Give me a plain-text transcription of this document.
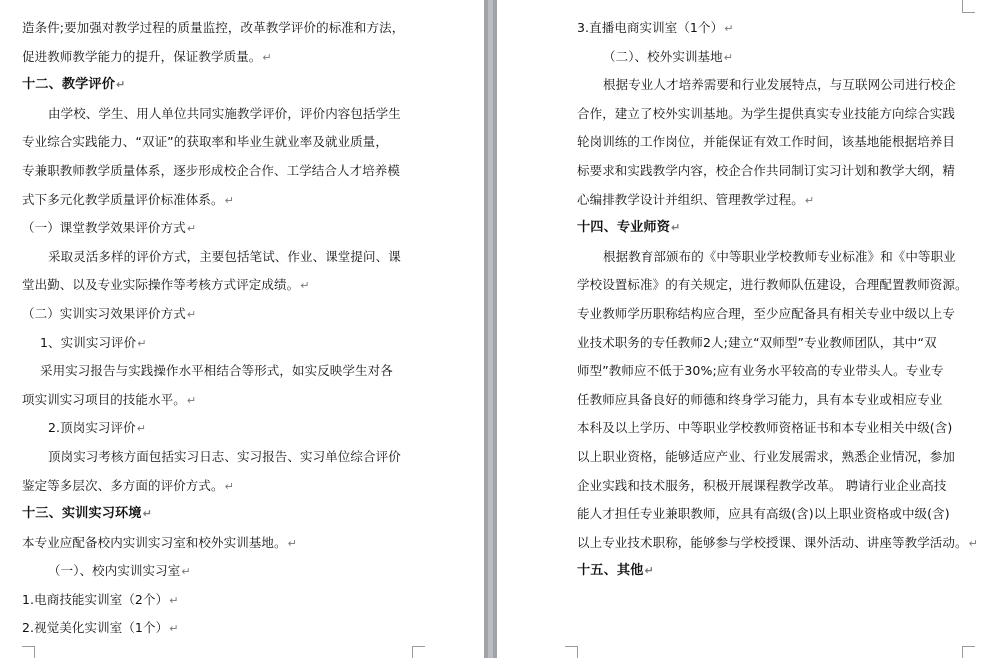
造条件;要加强对教学过程的质量监控，改革教学评价的标准和方法，
促进教师教学能力的提升，保证教学质量。↵
十二、教学评价↵
由学校、学生、用人单位共同实施教学评价，评价内容包括学生
专业综合实践能力、“双证”的获取率和毕业生就业率及就业质量，
专兼职教师教学质量体系，逐步形成校企合作、工学结合人才培养模
式下多元化教学质量评价标准体系。↵
（一）课堂教学效果评价方式↵
采取灵活多样的评价方式，主要包括笔试、作业、课堂提问、课
堂出勤、以及专业实际操作等考核方式评定成绩。↵
（二）实训实习效果评价方式↵
1、实训实习评价↵
采用实习报告与实践操作水平相结合等形式，如实反映学生对各
项实训实习项目的技能水平。↵
2.顶岗实习评价↵
顶岗实习考核方面包括实习日志、实习报告、实习单位综合评价
鉴定等多层次、多方面的评价方式。↵
十三、实训实习环境↵
本专业应配备校内实训实习室和校外实训基地。↵
（一）、校内实训实习室↵
1.电商技能实训室（2个）↵
2.视觉美化实训室（1个）↵
3.直播电商实训室（1个）↵
（二）、校外实训基地↵
根据专业人才培养需要和行业发展特点，与互联网公司进行校企
合作，建立了校外实训基地。为学生提供真实专业技能方向综合实践
轮岗训练的工作岗位，并能保证有效工作时间，该基地能根据培养目
标要求和实践教学内容，校企合作共同制订实习计划和教学大纲，精
心编排教学设计并组织、管理教学过程。↵
十四、专业师资↵
根据教育部颁布的《中等职业学校教师专业标准》和《中等职业
学校设置标准》的有关规定，进行教师队伍建设，合理配置教师资源。
专业教师学历职称结构应合理，至少应配备具有相关专业中级以上专
业技术职务的专任教师2人;建立“双师型”专业教师团队，其中“双
师型”教师应不低于30%;应有业务水平较高的专业带头人。专业专
任教师应具备良好的师德和终身学习能力，具有本专业或相应专业
本科及以上学历、中等职业学校教师资格证书和本专业相关中级(含)
以上职业资格，能够适应产业、行业发展需求，熟悉企业情况，参加
企业实践和技术服务，积极开展课程教学改革。 聘请行业企业高技
能人才担任专业兼职教师，应具有高级(含)以上职业资格或中级(含)
以上专业技术职称，能够参与学校授课、课外活动、讲座等教学活动。↵
十五、其他↵
